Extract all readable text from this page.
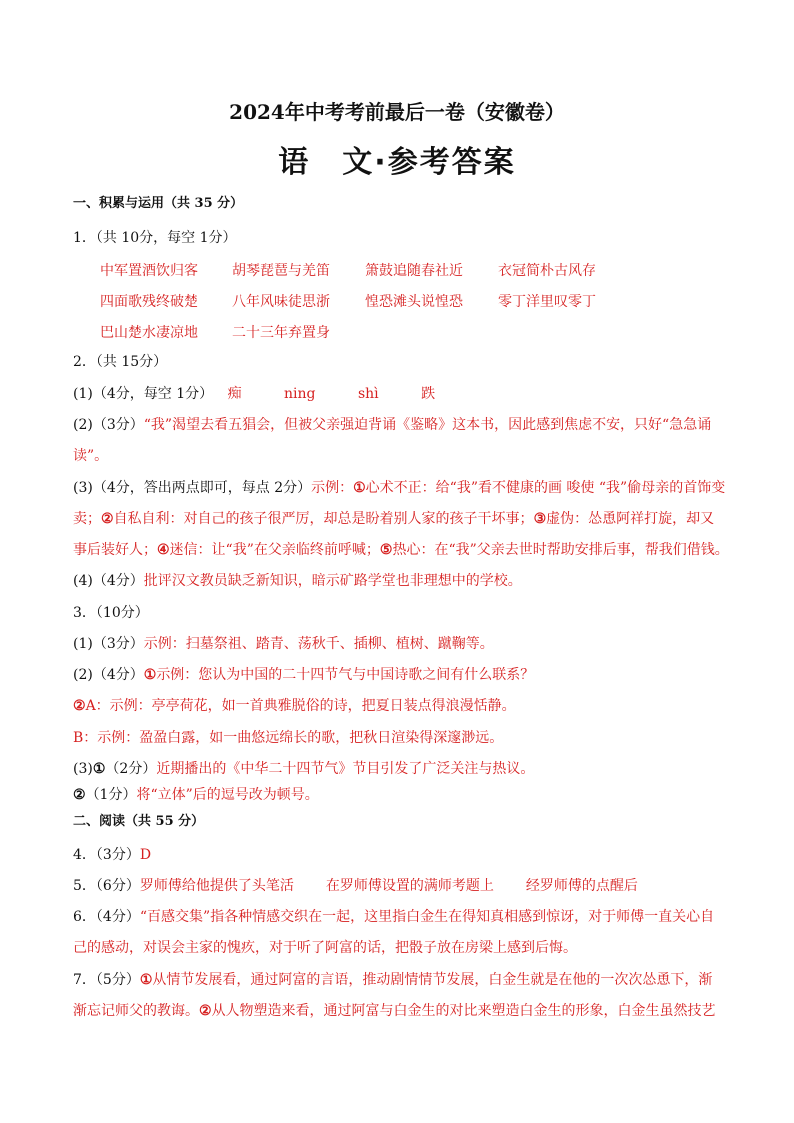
2024年中考考前最后一卷（安徽卷）
语　文·参考答案
一、积累与运用（共 35 分）
1．（共 10分，每空 1分）
中军置酒饮归客 胡琴琵琶与羌笛	箫鼓追随春社近	衣冠简朴古风存
四面歌残终破楚 八年风味徒思浙	惶恐滩头说惶恐	零丁洋里叹零丁
巴山楚水凄凉地 二十三年弃置身
2．（共 15分）
(1)（4分，每空 1分） 痴	ning	shì	跌
(2)（3分）“我”渴望去看五猖会，但被父亲强迫背诵《鉴略》这本书，因此感到焦虑不安，只好“急急诵
读”。
(3)（4分，答出两点即可，每点 2分）示例：①心术不正：给“我”看不健康的画 唆使 “我”偷母亲的首饰变
卖；②自私自利：对自己的孩子很严厉，却总是盼着别人家的孩子干坏事；③虚伪：怂恿阿祥打旋，却又
事后装好人；④迷信：让“我”在父亲临终前呼喊；⑤热心：在“我”父亲去世时帮助安排后事，帮我们借钱。
(4)（4分）批评汉文教员缺乏新知识，暗示矿路学堂也非理想中的学校。
3．（10分）
(1)（3分）示例：扫墓祭祖、踏青、荡秋千、插柳、植树、蹴鞠等。
(2)（4分）①示例：您认为中国的二十四节气与中国诗歌之间有什么联系？
②A：示例：亭亭荷花，如一首典雅脱俗的诗，把夏日装点得浪漫恬静。
B：示例：盈盈白露，如一曲悠远绵长的歌，把秋日渲染得深邃渺远。
(3)①（2分）近期播出的《中华二十四节气》节目引发了广泛关注与热议。
②（1分）将“立体”后的逗号改为顿号。
二、阅读（共 55 分）
4．（3分）D
5．（6分）罗师傅给他提供了头笔活 在罗师傅设置的满师考题上 经罗师傅的点醒后
6．（4分）“百感交集”指各种情感交织在一起，这里指白金生在得知真相感到惊讶，对于师傅一直关心自
己的感动，对误会主家的愧疚，对于听了阿富的话，把骰子放在房梁上感到后悔。
7．（5分）①从情节发展看，通过阿富的言语，推动剧情情节发展，白金生就是在他的一次次怂恿下，渐
渐忘记师父的教诲。②从人物塑造来看，通过阿富与白金生的对比来塑造白金生的形象，白金生虽然技艺
